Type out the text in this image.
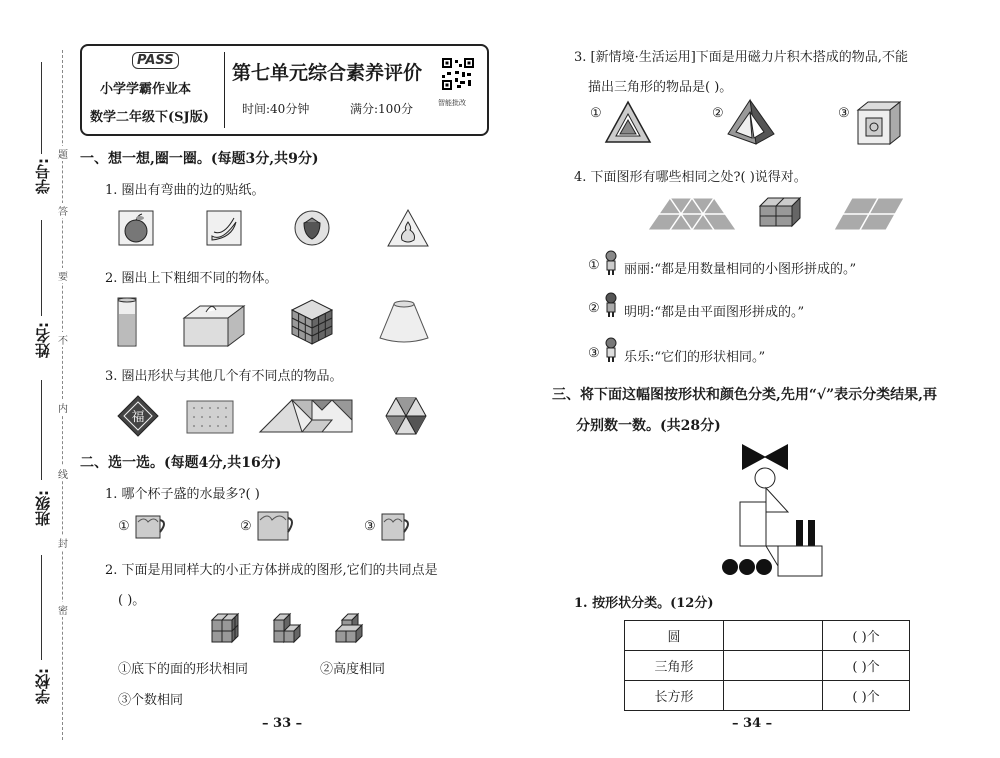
学号:
姓名:
班级:
学校:
题
答
要
不
内
线
封
密
PASS
小学学霸作业本
数学二年级下(SJ版)
第七单元综合素养评价
时间:40分钟	满分:100分	智能批改
一、想一想,圈一圈。(每题3分,共9分)
1. 圈出有弯曲的边的贴纸。
2. 圈出上下粗细不同的物体。
3. 圈出形状与其他几个有不同点的物品。
福
二、选一选。(每题4分,共16分)
1. 哪个杯子盛的水最多?( )
①	②	③
2. 下面是用同样大的小正方体拼成的图形,它们的共同点是
( )。
①底下的面的形状相同	②高度相同
③个数相同
– 33 –
3. [新情境·生活运用]下面是用磁力片积木搭成的物品,不能
描出三角形的物品是( )。
①	②	③
4. 下面图形有哪些相同之处?( )说得对。
① 丽丽:“都是用数量相同的小图形拼成的。”
② 明明:“都是由平面图形拼成的。”
③ 乐乐:“它们的形状相同。”
三、将下面这幅图按形状和颜色分类,先用“√”表示分类结果,再
分别数一数。(共28分)
1. 按形状分类。(12分)
圆		( )个
三角形		( )个
长方形		( )个
– 34 –
